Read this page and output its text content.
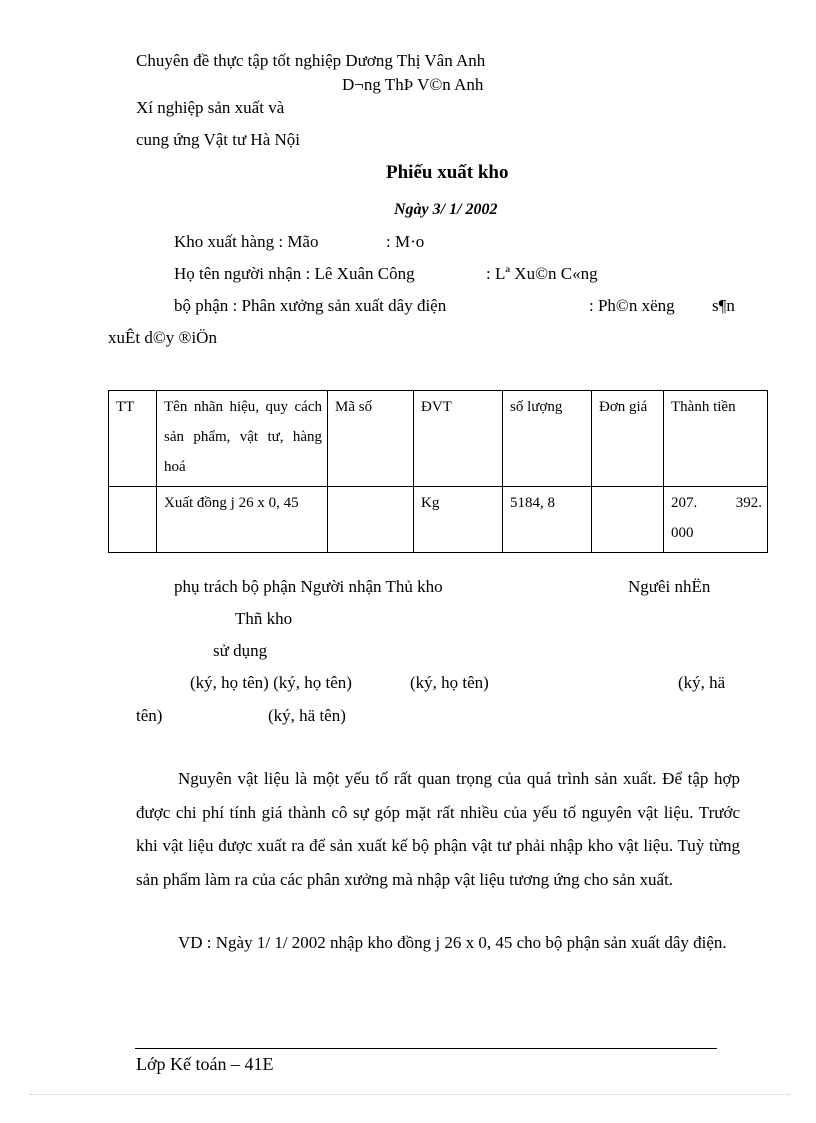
Chuyên đề thực tập tốt nghiệp Dương Thị Vân Anh
D¬ng ThÞ V©n Anh
Xí nghiệp sản xuất và
cung ứng Vật tư Hà Nội
Phiếu xuất kho
Ngày 3/ 1/ 2002
Kho xuất hàng : Mão	: M·o
Họ tên người nhận : Lê Xuân Công	: Lª Xu©n C«ng
bộ phận : Phân xưởng sản xuất dây điện	: Ph©n xëng s¶n
xuÊt d©y ®iÖn
TT	Tên nhãn hiệu, quy cách sản phẩm, vật tư, hàng hoá	Mã số	ĐVT	số lượng	Đơn giá	Thành tiền
	Xuất đồng j 26 x 0, 45		Kg	5184, 8		207. 392.
000
phụ trách bộ phận Người nhận Thủ kho	Ngưêi nhËn
Thñ kho
sử dụng
(ký, họ tên) (ký, họ tên)	(ký, họ tên)	(ký, hä
tên)	(ký, hä tên)
Nguyên vật liệu là một yếu tố rất quan trọng của quá trình sản xuất. Để tập hợp được chi phí tính giá thành cô sự góp mặt rất nhiều của yếu tố nguyên vật liệu. Trước khi vật liệu được xuất ra để sản xuất kế bộ phận vật tư phải nhập kho vật liệu. Tuỳ từng sản phẩm làm ra của các phân xưởng mà nhập vật liệu tương ứng cho sản xuất.
VD : Ngày 1/ 1/ 2002 nhập kho đồng j 26 x 0, 45 cho bộ phận sản xuất dây điện.
Lớp Kế toán – 41E
